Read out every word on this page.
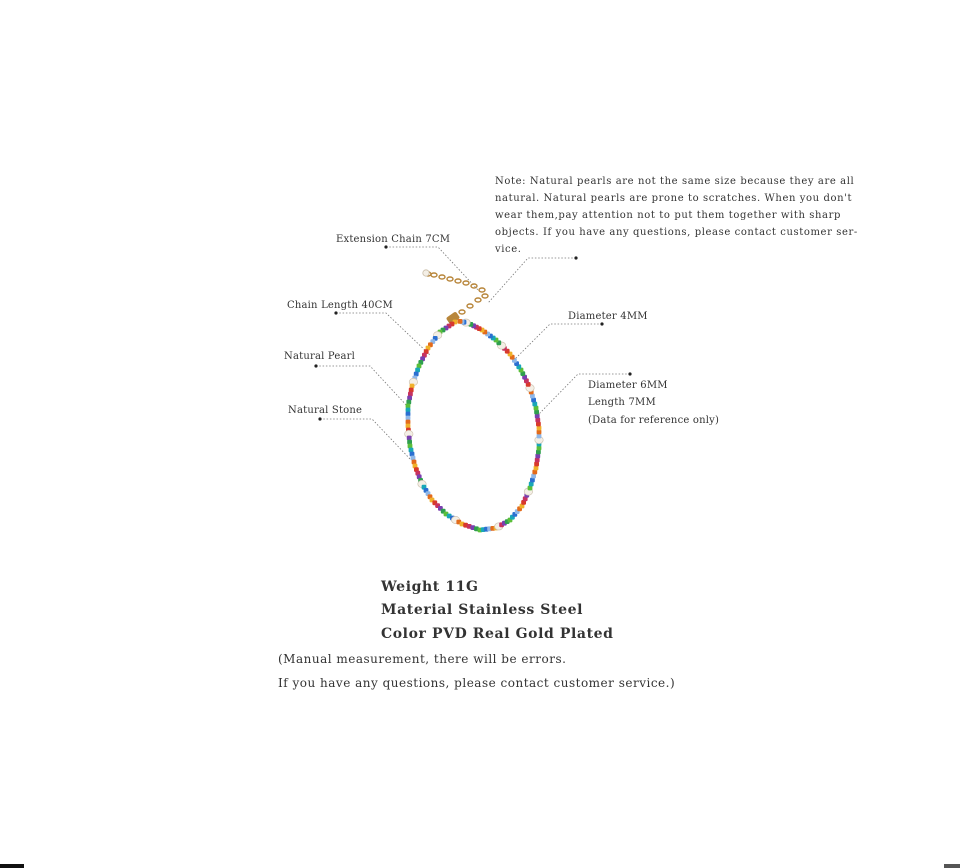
Note: Natural pearls are not the same size because they are all
natural. Natural pearls are prone to scratches. When you don't
wear them,pay attention not to put them together with sharp
objects. If you have any questions, please contact customer ser-
vice.
Extension Chain 7CM
Chain Length 40CM
Natural Pearl
Natural Stone
Diameter 4MM
Diameter 6MM
Length 7MM
(Data for reference only)
Weight 11G
Material Stainless Steel
Color PVD Real Gold Plated
(Manual measurement, there will be errors.
If you have any questions, please contact customer service.)
